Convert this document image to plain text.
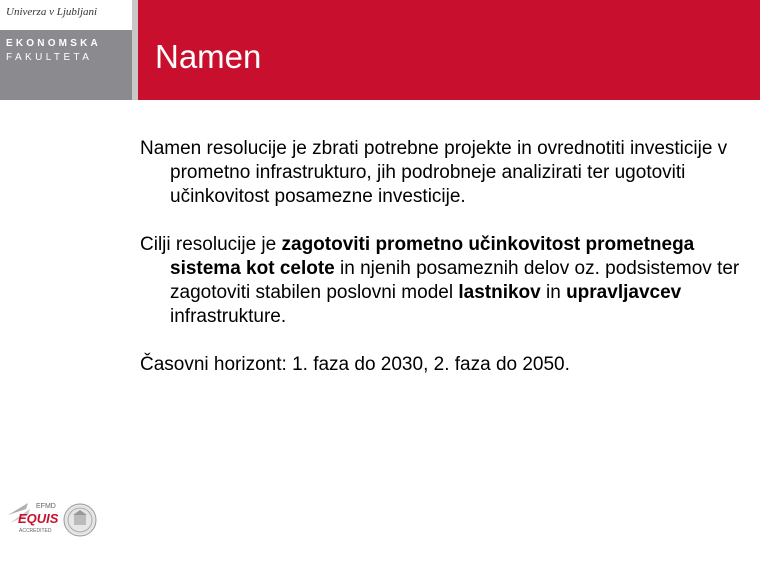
Univerza v Ljubljani
EKONOMSKA
FAKULTETA Namen

Namen resolucije je zbrati potrebne projekte in ovrednotiti investicije v prometno infrastrukturo, jih podrobneje analizirati ter ugotoviti učinkovitost posamezne investicije.

Cilji resolucije je zagotoviti prometno učinkovitost prometnega sistema kot celote in njenih posameznih delov oz. podsistemov ter zagotoviti stabilen poslovni model lastnikov in upravljavcev infrastrukture.

Časovni horizont: 1. faza do 2030, 2. faza do 2050.

EFMD
EQUIS
ACCREDITED
